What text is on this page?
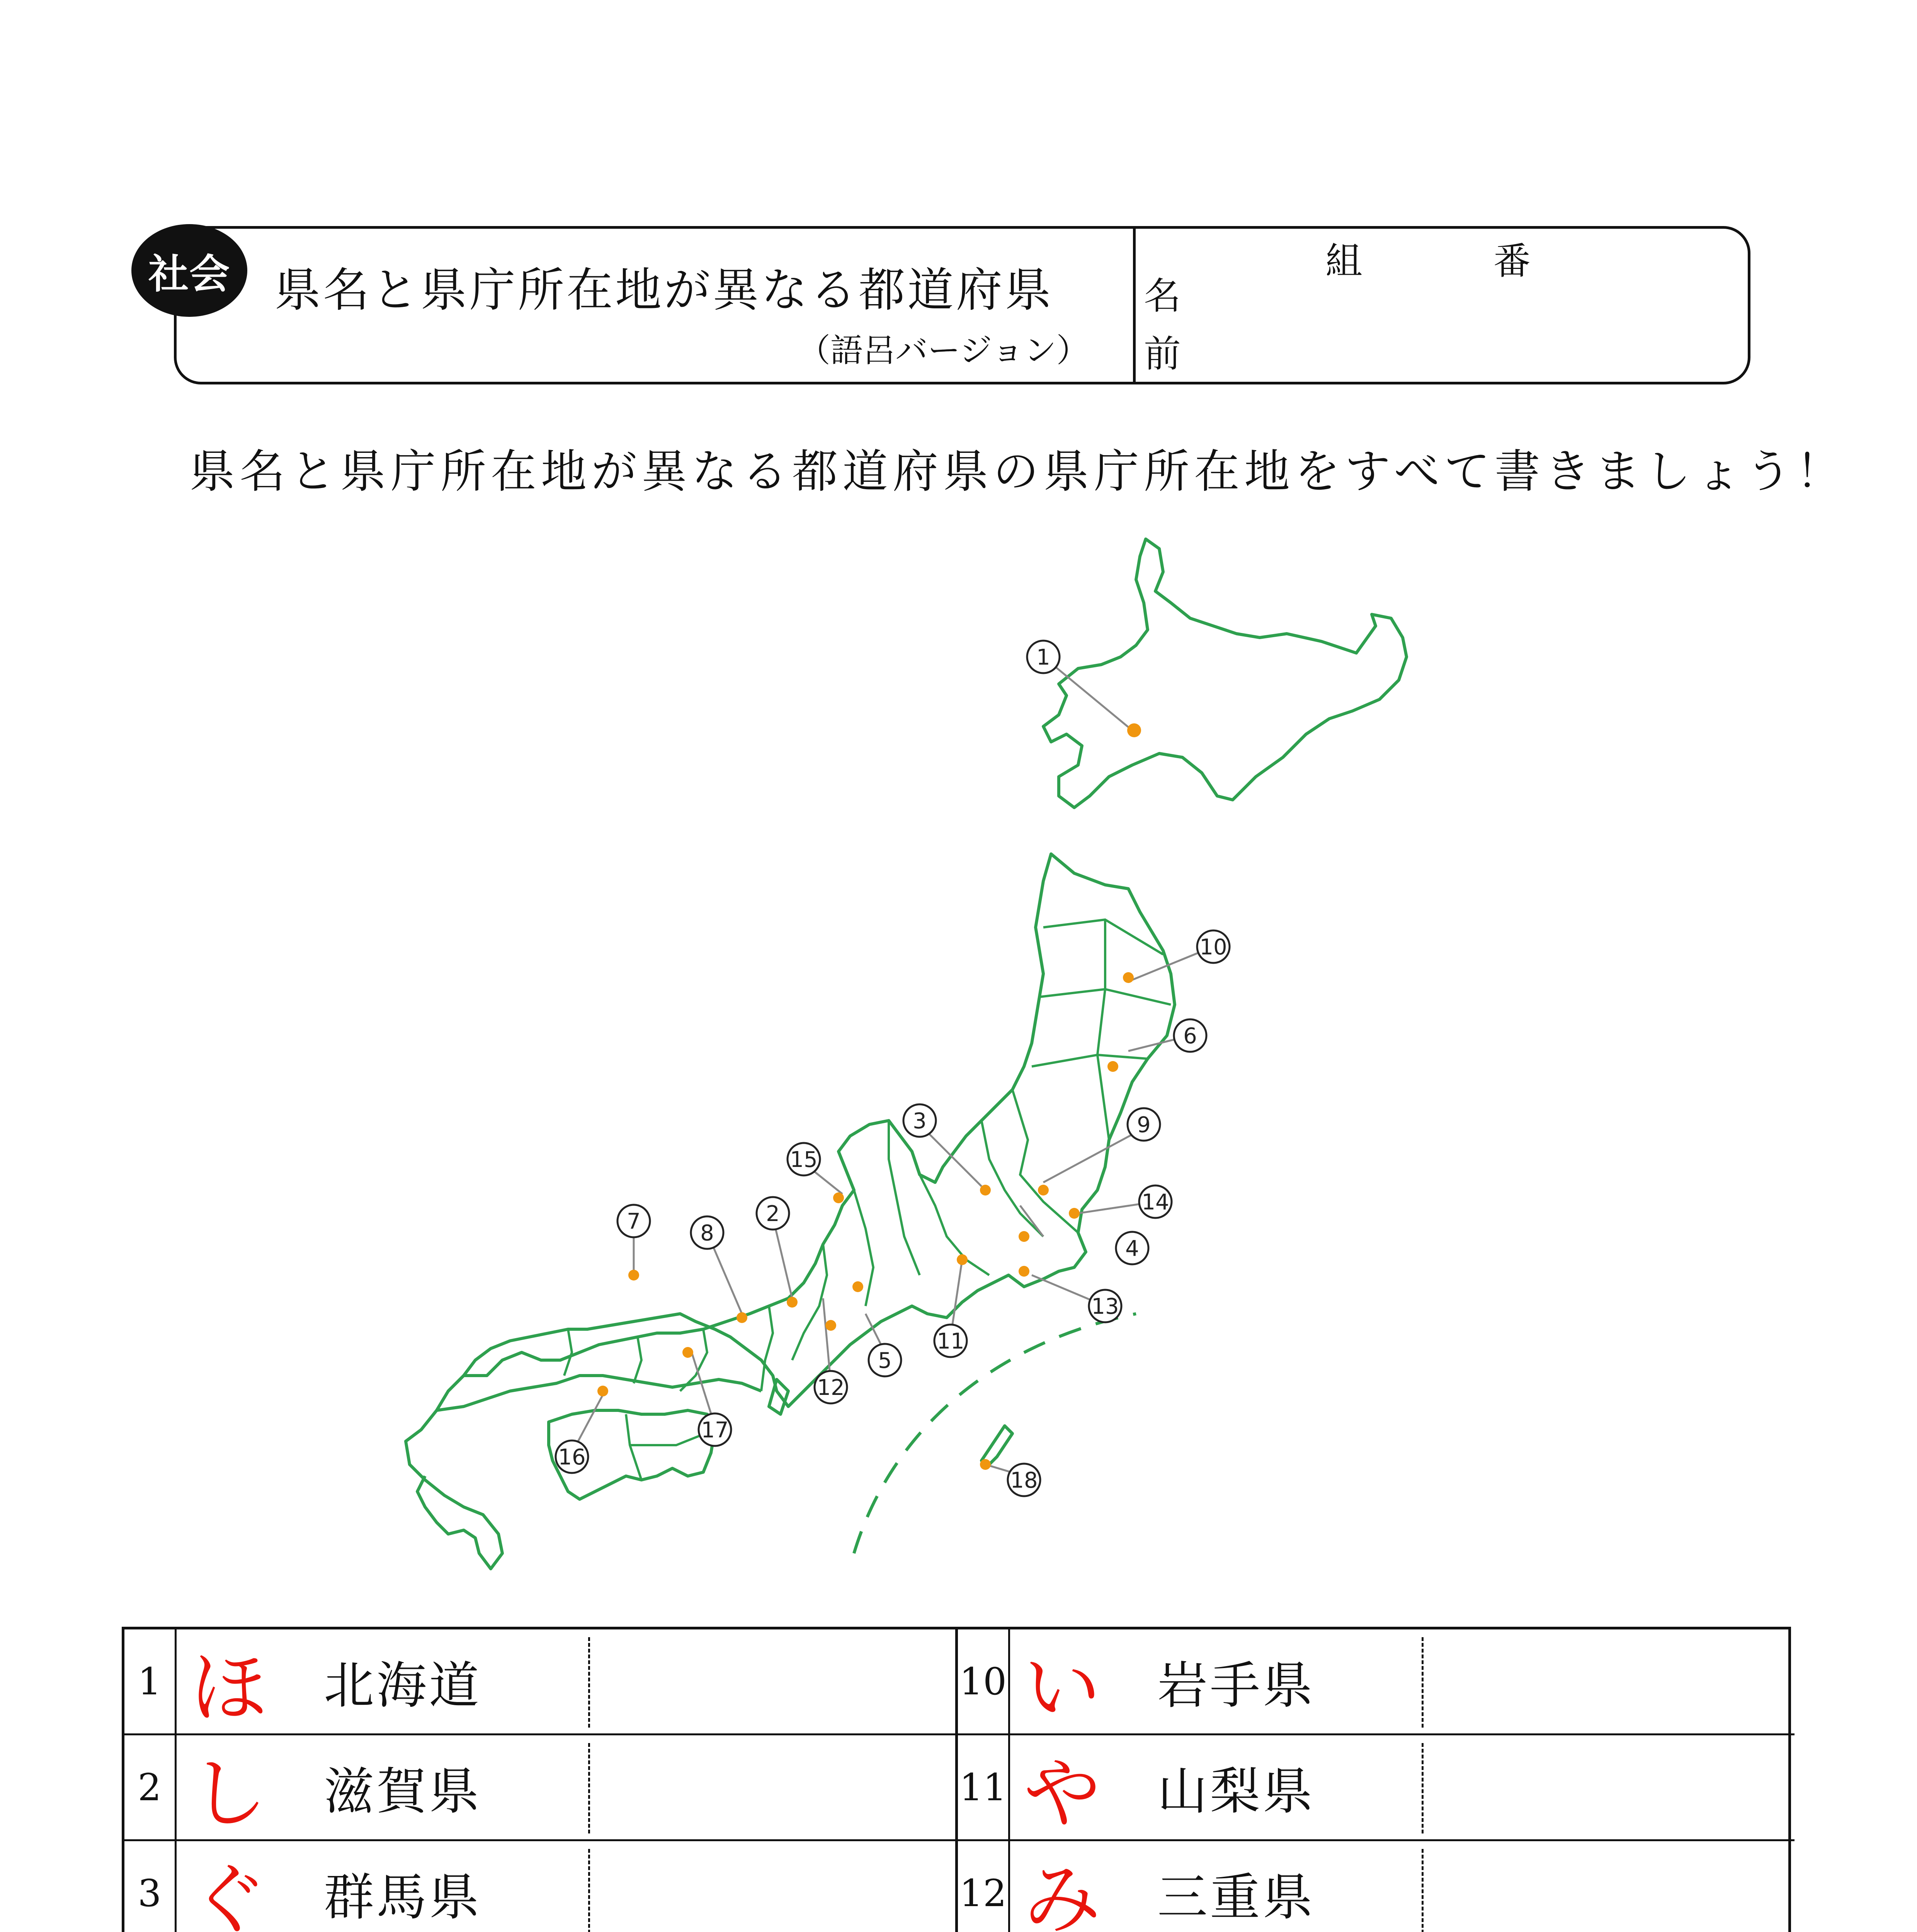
社会 県名と県庁所在地が異なる都道府県
（語呂バージョン）
組	番
名
前
県名と県庁所在地が異なる都道府県の県庁所在地をすべて書きましょう！
1
2
3
4
5
6
7	8
9
10
11
12
13
14
15
16
17
18
1 ほ	北海道
2 し	滋賀県
3 ぐ	群馬県
10 い	岩手県
11 や	山梨県
12 み	三重県
